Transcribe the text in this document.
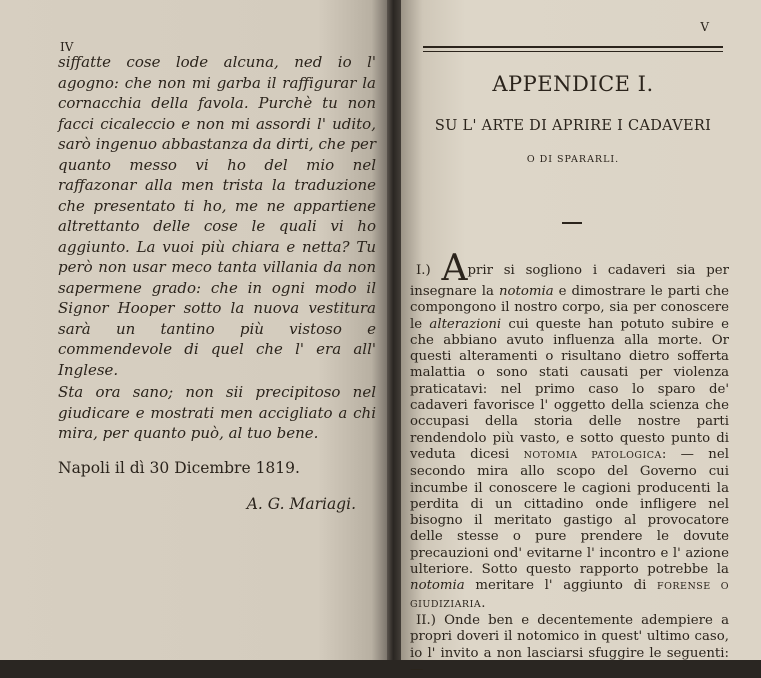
IV
V

siffatte cose lode alcuna, ned io l' agogno: che non mi garba il raffigurar la cornacchia della favola. Purchè tu non facci cicaleccio e non mi assordi l' udito, sarò ingenuo abbastanza da dirti, che per quanto messo vi ho del mio nel raffazonar alla men trista la traduzione che presentato ti ho, me ne appartiene altrettanto delle cose le quali vi ho aggiunto. La vuoi più chiara e netta? Tu però non usar meco tanta villania da non sapermene grado: che in ogni modo il Signor Hooper sotto la nuova vestitura sarà un tantino più vistoso e commendevole di quel che l' era all' Inglese.

Sta ora sano; non sii precipitoso nel giudicare e mostrati men accigliato a chi mira, per quanto può, al tuo bene.

Napoli il dì 30 Dicembre 1819.

A. G. Mariagi.

APPENDICE I.
SU L' ARTE DI APRIRE I CADAVERI
O DI SPARARLI.

I.) Aprir si sogliono i cadaveri sia per insegnare la notomia e dimostrare le parti che compongono il nostro corpo, sia per conoscere le alterazioni cui queste han potuto subire e che abbiano avuto influenza alla morte. Or questi alteramenti o risultano dietro sofferta malattia o sono stati causati per violenza praticatavi: nel primo caso lo sparo de' cadaveri favorisce l' oggetto della scienza che occupasi della storia delle nostre parti rendendolo più vasto, e sotto questo punto di veduta dicesi NOTOMIA PATOLOGICA: — nel secondo mira allo scopo del Governo cui incumbe il conoscere le cagioni producenti la perdita di un cittadino onde infligere nel bisogno il meritato gastigo al provocatore delle stesse o pure prendere le dovute precauzioni ond' evitarne l' incontro e l' azione ulteriore. Sotto questo rapporto potrebbe la notomia meritare l' aggiunto di FORENSE O GIUDIZIARIA.

II.) Onde ben e decentemente adempiere a propri doveri il notomico in quest' ultimo caso, io l' invito a non lasciarsi sfuggire le seguenti: —
